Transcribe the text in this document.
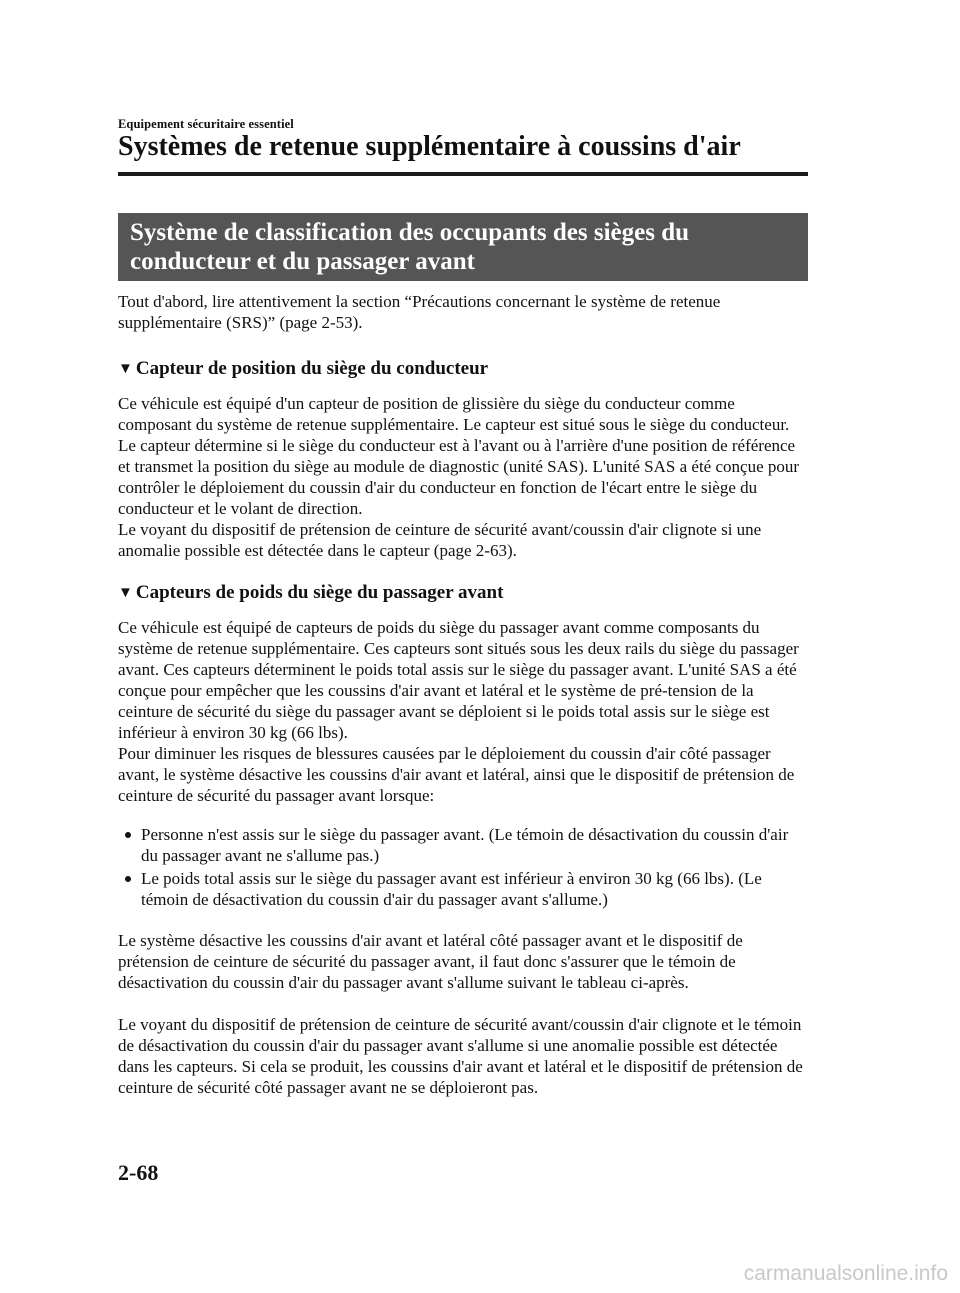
Equipement sécuritaire essentiel
Systèmes de retenue supplémentaire à coussins d'air
Système de classification des occupants des sièges du
conducteur et du passager avant

Tout d'abord, lire attentivement la section “Précautions concernant le système de retenue supplémentaire (SRS)” (page 2-53).

▼ Capteur de position du siège du conducteur

Ce véhicule est équipé d'un capteur de position de glissière du siège du conducteur comme composant du système de retenue supplémentaire. Le capteur est situé sous le siège du conducteur. Le capteur détermine si le siège du conducteur est à l'avant ou à l'arrière d'une position de référence et transmet la position du siège au module de diagnostic (unité SAS). L'unité SAS a été conçue pour contrôler le déploiement du coussin d'air du conducteur en fonction de l'écart entre le siège du conducteur et le volant de direction.

Le voyant du dispositif de prétension de ceinture de sécurité avant/coussin d'air clignote si une anomalie possible est détectée dans le capteur (page 2-63).

▼ Capteurs de poids du siège du passager avant

Ce véhicule est équipé de capteurs de poids du siège du passager avant comme composants du système de retenue supplémentaire. Ces capteurs sont situés sous les deux rails du siège du passager avant. Ces capteurs déterminent le poids total assis sur le siège du passager avant. L'unité SAS a été conçue pour empêcher que les coussins d'air avant et latéral et le système de pré-tension de la ceinture de sécurité du siège du passager avant se déploient si le poids total assis sur le siège est inférieur à environ 30 kg (66 lbs).

Pour diminuer les risques de blessures causées par le déploiement du coussin d'air côté passager avant, le système désactive les coussins d'air avant et latéral, ainsi que le dispositif de prétension de ceinture de sécurité du passager avant lorsque:

Personne n'est assis sur le siège du passager avant. (Le témoin de désactivation du coussin d'air du passager avant ne s'allume pas.)
Le poids total assis sur le siège du passager avant est inférieur à environ 30 kg (66 lbs). (Le témoin de désactivation du coussin d'air du passager avant s'allume.)

Le système désactive les coussins d'air avant et latéral côté passager avant et le dispositif de prétension de ceinture de sécurité du passager avant, il faut donc s'assurer que le témoin de désactivation du coussin d'air du passager avant s'allume suivant le tableau ci-après.

Le voyant du dispositif de prétension de ceinture de sécurité avant/coussin d'air clignote et le témoin de désactivation du coussin d'air du passager avant s'allume si une anomalie possible est détectée dans les capteurs. Si cela se produit, les coussins d'air avant et latéral et le dispositif de prétension de ceinture de sécurité côté passager avant ne se déploieront pas.

2-68
carmanualsonline.info
